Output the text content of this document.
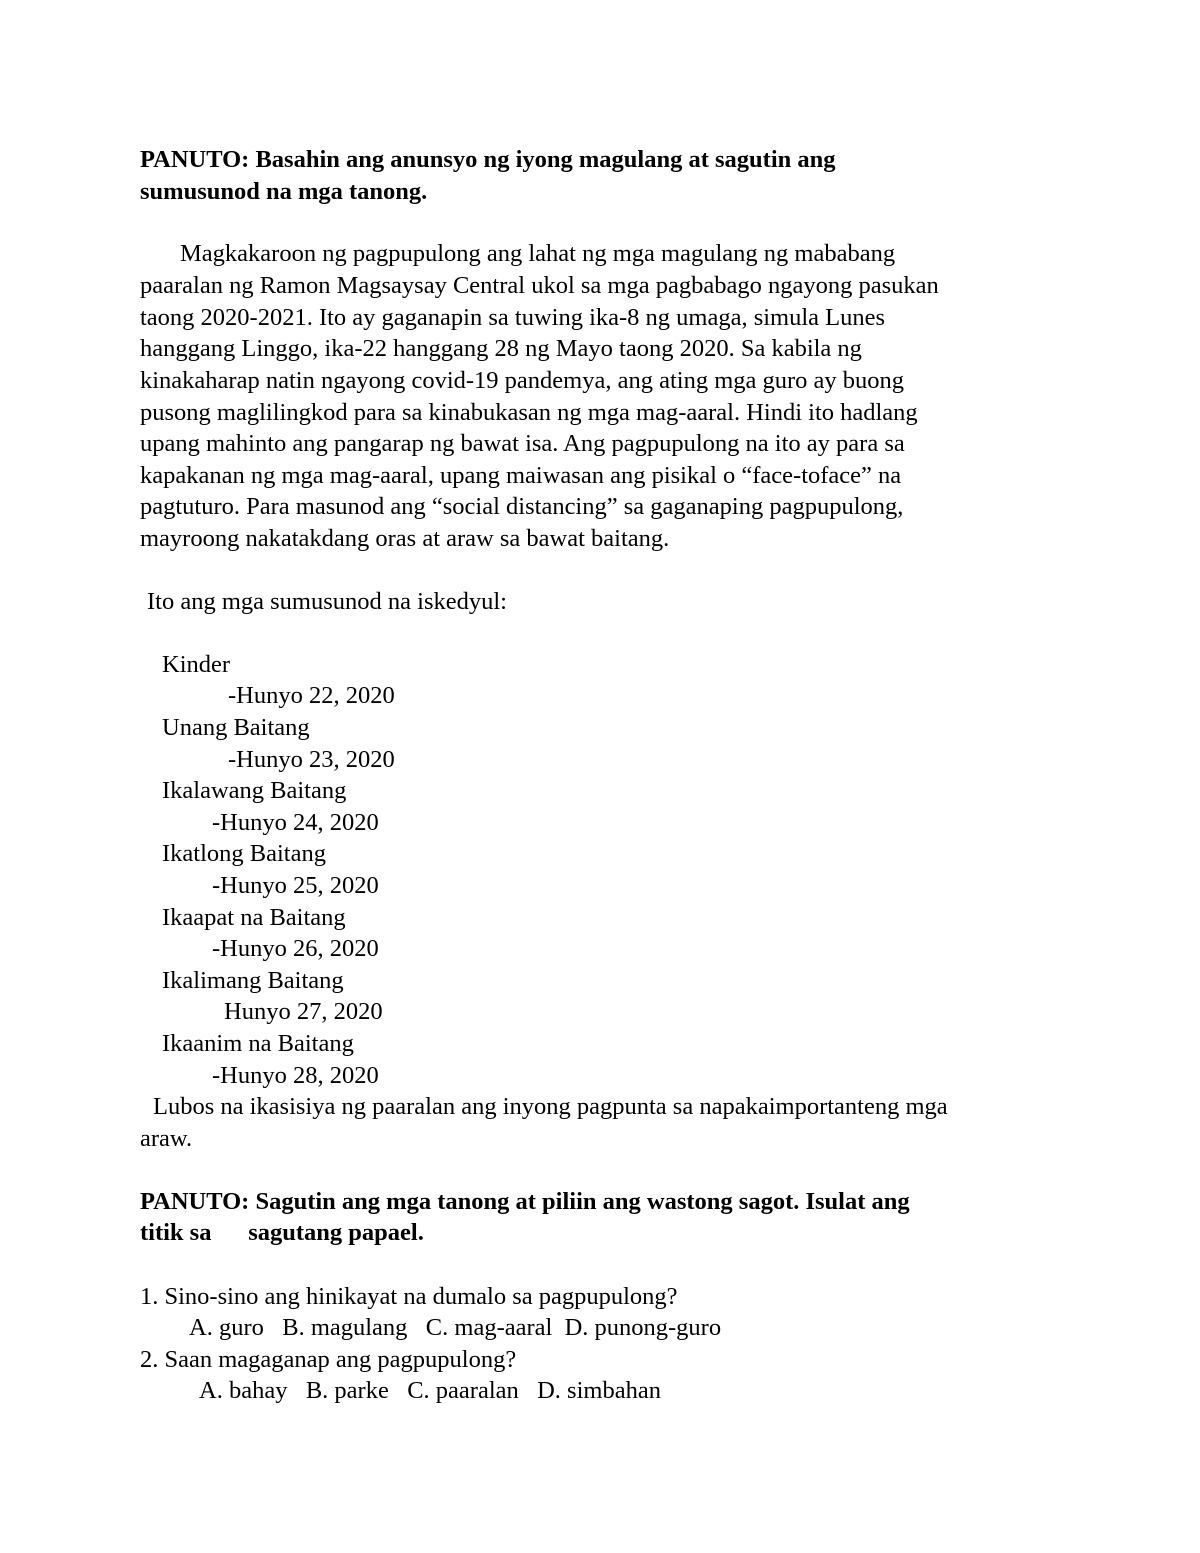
PANUTO: Basahin ang anunsyo ng iyong magulang at sagutin ang
sumusunod na mga tanong.
Magkakaroon ng pagpupulong ang lahat ng mga magulang ng mababang
paaralan ng Ramon Magsaysay Central ukol sa mga pagbabago ngayong pasukan
taong 2020-2021. Ito ay gaganapin sa tuwing ika-8 ng umaga, simula Lunes
hanggang Linggo, ika-22 hanggang 28 ng Mayo taong 2020. Sa kabila ng
kinakaharap natin ngayong covid-19 pandemya, ang ating mga guro ay buong
pusong maglilingkod para sa kinabukasan ng mga mag-aaral. Hindi ito hadlang
upang mahinto ang pangarap ng bawat isa. Ang pagpupulong na ito ay para sa
kapakanan ng mga mag-aaral, upang maiwasan ang pisikal o “face-toface” na
pagtuturo. Para masunod ang “social distancing” sa gaganaping pagpupulong,
mayroong nakatakdang oras at araw sa bawat baitang.
Ito ang mga sumusunod na iskedyul:
Kinder
-Hunyo 22, 2020
Unang Baitang
-Hunyo 23, 2020
Ikalawang Baitang
-Hunyo 24, 2020
Ikatlong Baitang
-Hunyo 25, 2020
Ikaapat na Baitang
-Hunyo 26, 2020
Ikalimang Baitang
Hunyo 27, 2020
Ikaanim na Baitang
-Hunyo 28, 2020
Lubos na ikasisiya ng paaralan ang inyong pagpunta sa napakaimportanteng mga
araw.
PANUTO: Sagutin ang mga tanong at piliin ang wastong sagot. Isulat ang
titik sa      sagutang papael.
1. Sino-sino ang hinikayat na dumalo sa pagpupulong?
A. guro   B. magulang   C. mag-aaral  D. punong-guro
2. Saan magaganap ang pagpupulong?
A. bahay   B. parke   C. paaralan   D. simbahan
